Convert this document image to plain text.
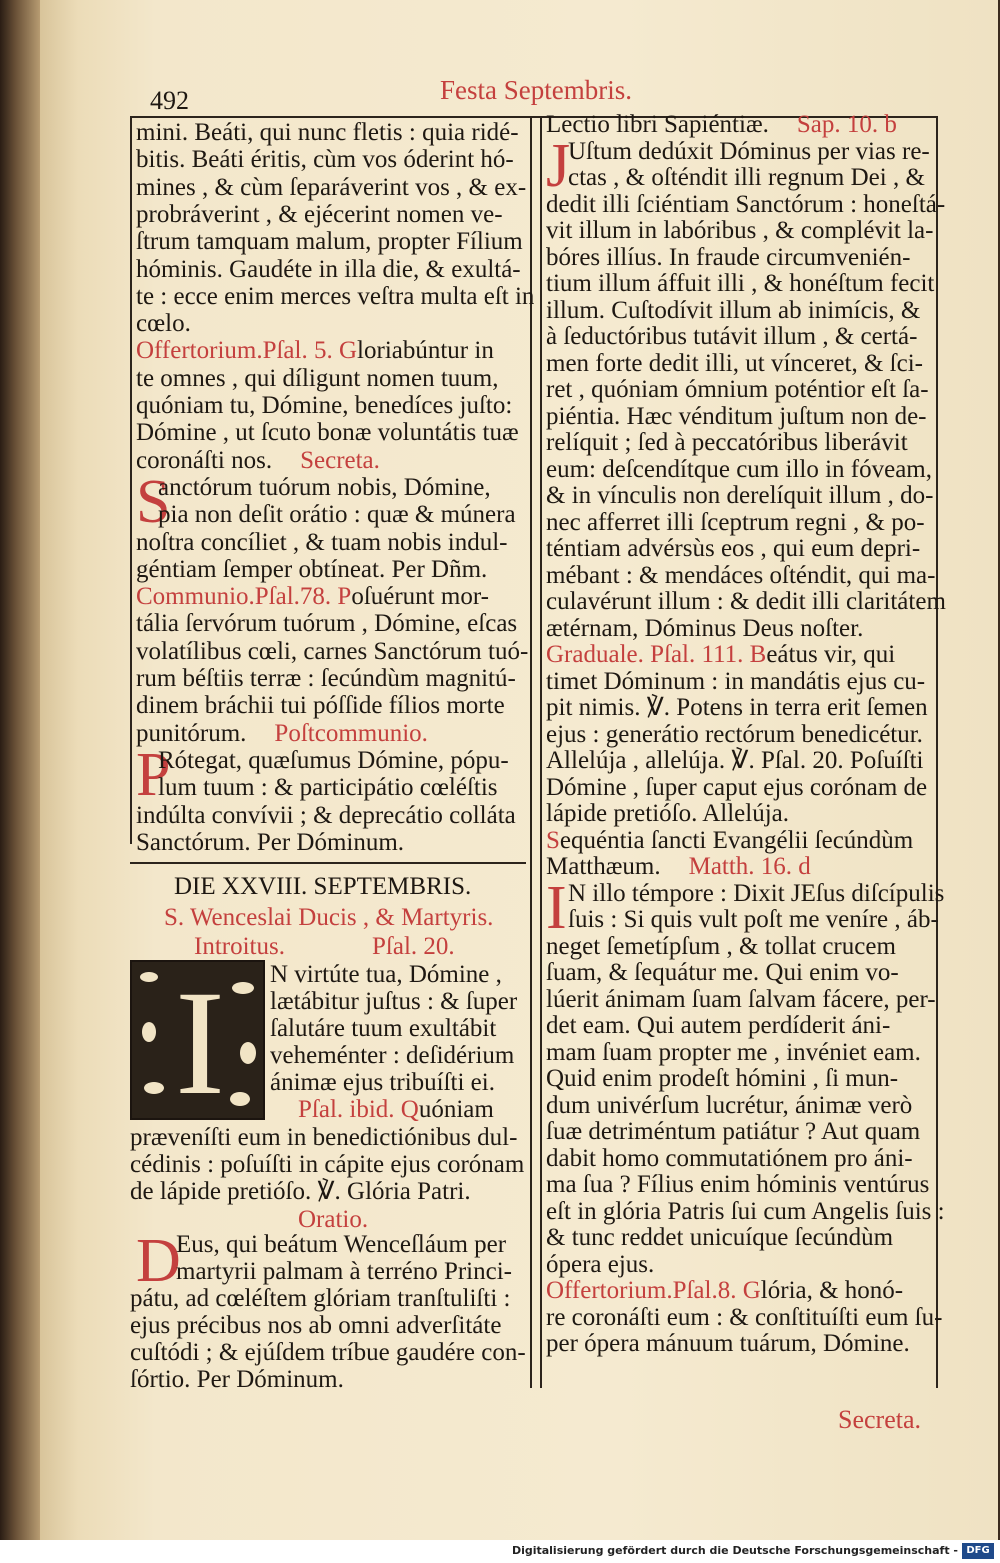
492	Festa Septembris.
mini. Beáti, qui nunc fletis : quia ridé-
bitis. Beáti éritis, cùm vos óderint hó-
mines , & cùm ſeparáverint vos , & ex-
probráverint , & ejécerint nomen ve-
ſtrum tamquam malum, propter Fílium
hóminis. Gaudéte in illa die, & exultá-
te : ecce enim merces veſtra multa eſt in
cœlo.
Offertorium.Pſal. 5. Gloriabúntur in
te omnes , qui díligunt nomen tuum,
quóniam tu, Dómine, benedíces juſto:
Dómine , ut ſcuto bonæ voluntátis tuæ
coronáſti nos. Secreta.
S
anctórum tuórum nobis, Dómine,
pia non deſit orátio : quæ & múnera
noſtra concíliet , & tuam nobis indul-
géntiam ſemper obtíneat. Per Dñm.
Communio.Pſal.78. Poſuérunt mor-
tália ſervórum tuórum , Dómine, eſcas
volatílibus cœli, carnes Sanctórum tuó-
rum béſtiis terræ : ſecúndùm magnitú-
dinem bráchii tui póſſide fílios morte
punitórum. Poſtcommunio.
P
Rótegat, quæſumus Dómine, pópu-
lum tuum : & participátio cœléſtis
indúlta convívii ; & deprecátio colláta
Sanctórum. Per Dóminum.
Lectio libri Sapiéntiæ. Sap. 10. b
J
Uſtum dedúxit Dóminus per vias re-
ctas , & oſténdit illi regnum Dei , &
dedit illi ſciéntiam Sanctórum : honeſtá-
vit illum in labóribus , & complévit la-
bóres illíus. In fraude circumvenién-
tium illum áffuit illi , & honéſtum fecit
illum. Cuſtodívit illum ab inimícis, &
à ſeductóribus tutávit illum , & certá-
men forte dedit illi, ut vínceret, & ſci-
ret , quóniam ómnium poténtior eſt ſa-
piéntia. Hæc vénditum juſtum non de-
relíquit ; ſed à peccatóribus liberávit
eum: deſcendítque cum illo in fóveam,
& in vínculis non derelíquit illum , do-
nec afferret illi ſceptrum regni , & po-
téntiam advérsùs eos , qui eum depri-
mébant : & mendáces oſténdit, qui ma-
culavérunt illum : & dedit illi claritátem
ætérnam, Dóminus Deus noſter.
Graduale. Pſal. 111. Beátus vir, qui
timet Dóminum : in mandátis ejus cu-
pit nimis. ℣. Potens in terra erit ſemen
ejus : generátio rectórum benedicétur.
Allelúja , allelúja. ℣. Pſal. 20. Poſuíſti
Dómine , ſuper caput ejus corónam de
lápide pretióſo. Allelúja.
Sequéntia ſancti Evangélii ſecúndùm
Matthæum. Matth. 16. d
I N illo témpore : Dixit JEſus diſcípulis
ſuis : Si quis vult poſt me veníre , áb-
neget ſemetípſum , & tollat crucem
ſuam, & ſequátur me. Qui enim vo-
lúerit ánimam ſuam ſalvam fácere, per-
det eam. Qui autem perdíderit áni-
mam ſuam propter me , invéniet eam.
Quid enim prodeſt hómini , ſi mun-
dum univérſum lucrétur, ánimæ verò
ſuæ detriméntum patiátur ? Aut quam
dabit homo commutatiónem pro áni-
ma ſua ? Fílius enim hóminis ventúrus
eſt in glória Patris ſui cum Angelis ſuis :
& tunc reddet unicuíque ſecúndùm
ópera ejus.
Offertorium.Pſal.8. Glória, & honó-
re coronáſti eum : & conſtituíſti eum ſu-
per ópera mánuum tuárum, Dómine.
DIE XXVIII. SEPTEMBRIS.
S. Wenceslai Ducis , & Martyris.
Introitus.	Pſal. 20.
I	N virtúte tua, Dómine ,
lætábitur juſtus : & ſuper
ſalutáre tuum exultábit
veheménter : deſidérium
ánimæ ejus tribuíſti ei.
Pſal. ibid. Quóniam
præveníſti eum in benedictiónibus dul-
cédinis : poſuíſti in cápite ejus corónam
de lápide pretióſo. ℣. Glória Patri.
Oratio.
D
Eus, qui beátum Wenceſláum per
martyrii palmam à terréno Princi-
pátu, ad cœléſtem glóriam tranſtuliſti :
ejus précibus nos ab omni adverſitáte
cuſtódi ; & ejúſdem tríbue gaudére con-
ſórtio. Per Dóminum.
Secreta.
Digitalisierung gefördert durch die Deutsche Forschungsgemeinschaft - DFG
